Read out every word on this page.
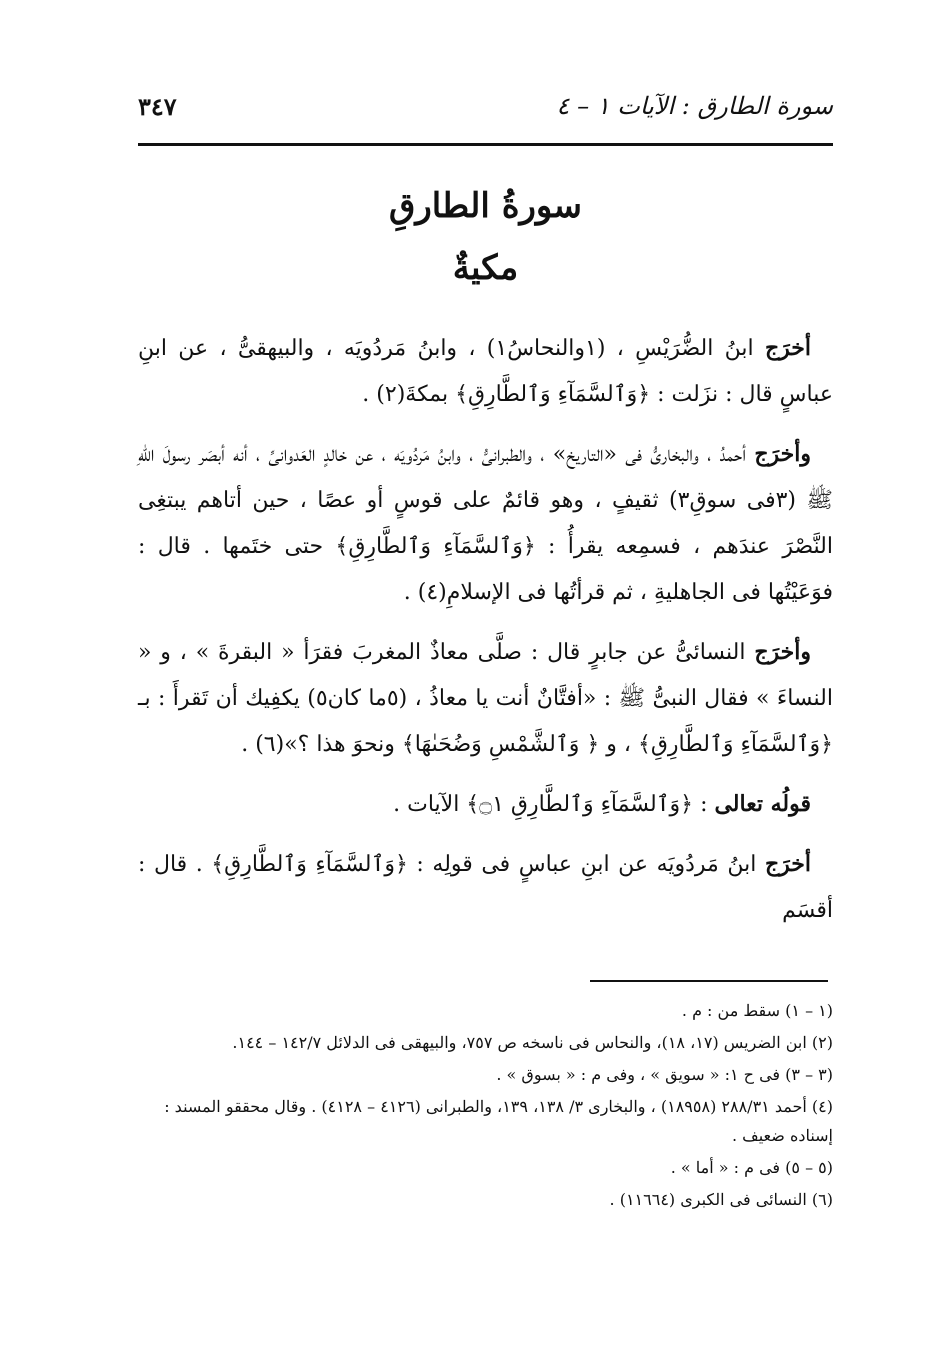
سورة الطارق : الآيات ١ – ٤
٣٤٧
سورةُ الطارقِ
مكيةٌ

أخرَج ابنُ الضُّرَيْسِ ، (١والنحاسُ١) ، وابنُ مَردُويَه ، والبيهقىُّ ، عن ابنِ عباسٍ قال : نزَلت : ﴿وَٱلسَّمَآءِ وَٱلطَّارِقِ﴾ بمكةَ(٢) .

وأخرَج أحمدُ ، والبخارىُّ فى «التاريخ» ، والطبرانىُّ ، وابنُ مَردُويَه ، عن خالدٍ العَدوانىِّ ، أنه أبصَر رسولَ اللهِ ﷺ (٣فى سوقِ٣) ثقيفٍ ، وهو قائمٌ على قوسٍ أو عصًا ، حين أتاهم يبتغِى النَّصْرَ عندَهم ، فسمِعه يقرأُ : ﴿وَٱلسَّمَآءِ وَٱلطَّارِقِ﴾ حتى ختَمها . قال : فوَعَيْتُها فى الجاهليةِ ، ثم قرأتُها فى الإسلامِ(٤) .

وأخرَج النسائىُّ عن جابرٍ قال : صلَّى معاذٌ المغربَ فقرَأ « البقرةَ » ، و « النساءَ » فقال النبىُّ ﷺ : «أفتَّانٌ أنت يا معاذُ ، (٥ما كان٥) يكفِيك أن تَقرأَ : بـ ﴿وَٱلسَّمَآءِ وَٱلطَّارِقِ﴾ ، و ﴿ وَٱلشَّمْسِ وَضُحَىٰهَا﴾ ونحوَ هذا ؟»(٦) .

قولُه تعالى : ﴿وَٱلسَّمَآءِ وَٱلطَّارِقِ ۝١﴾ الآيات .

أخرَج ابنُ مَردُويَه عن ابنِ عباسٍ فى قولِه : ﴿وَٱلسَّمَآءِ وَٱلطَّارِقِ﴾ . قال : أقسَم

(١ – ١) سقط من : م .
(٢) ابن الضريس (١٧، ١٨)، والنحاس فى ناسخه ص ٧٥٧، والبيهقى فى الدلائل ١٤٢/٧ – ١٤٤.
(٣ – ٣) فى ح ١: « سويق » ، وفى م : « بسوق » .
(٤) أحمد ٢٨٨/٣١ (١٨٩٥٨) ، والبخارى ٣/ ١٣٨، ١٣٩، والطبرانى (٤١٢٦ – ٤١٢٨) . وقال محققو المسند : إسناده ضعيف .
(٥ – ٥) فى م : « أما » .
(٦) النسائى فى الكبرى (١١٦٦٤) .
